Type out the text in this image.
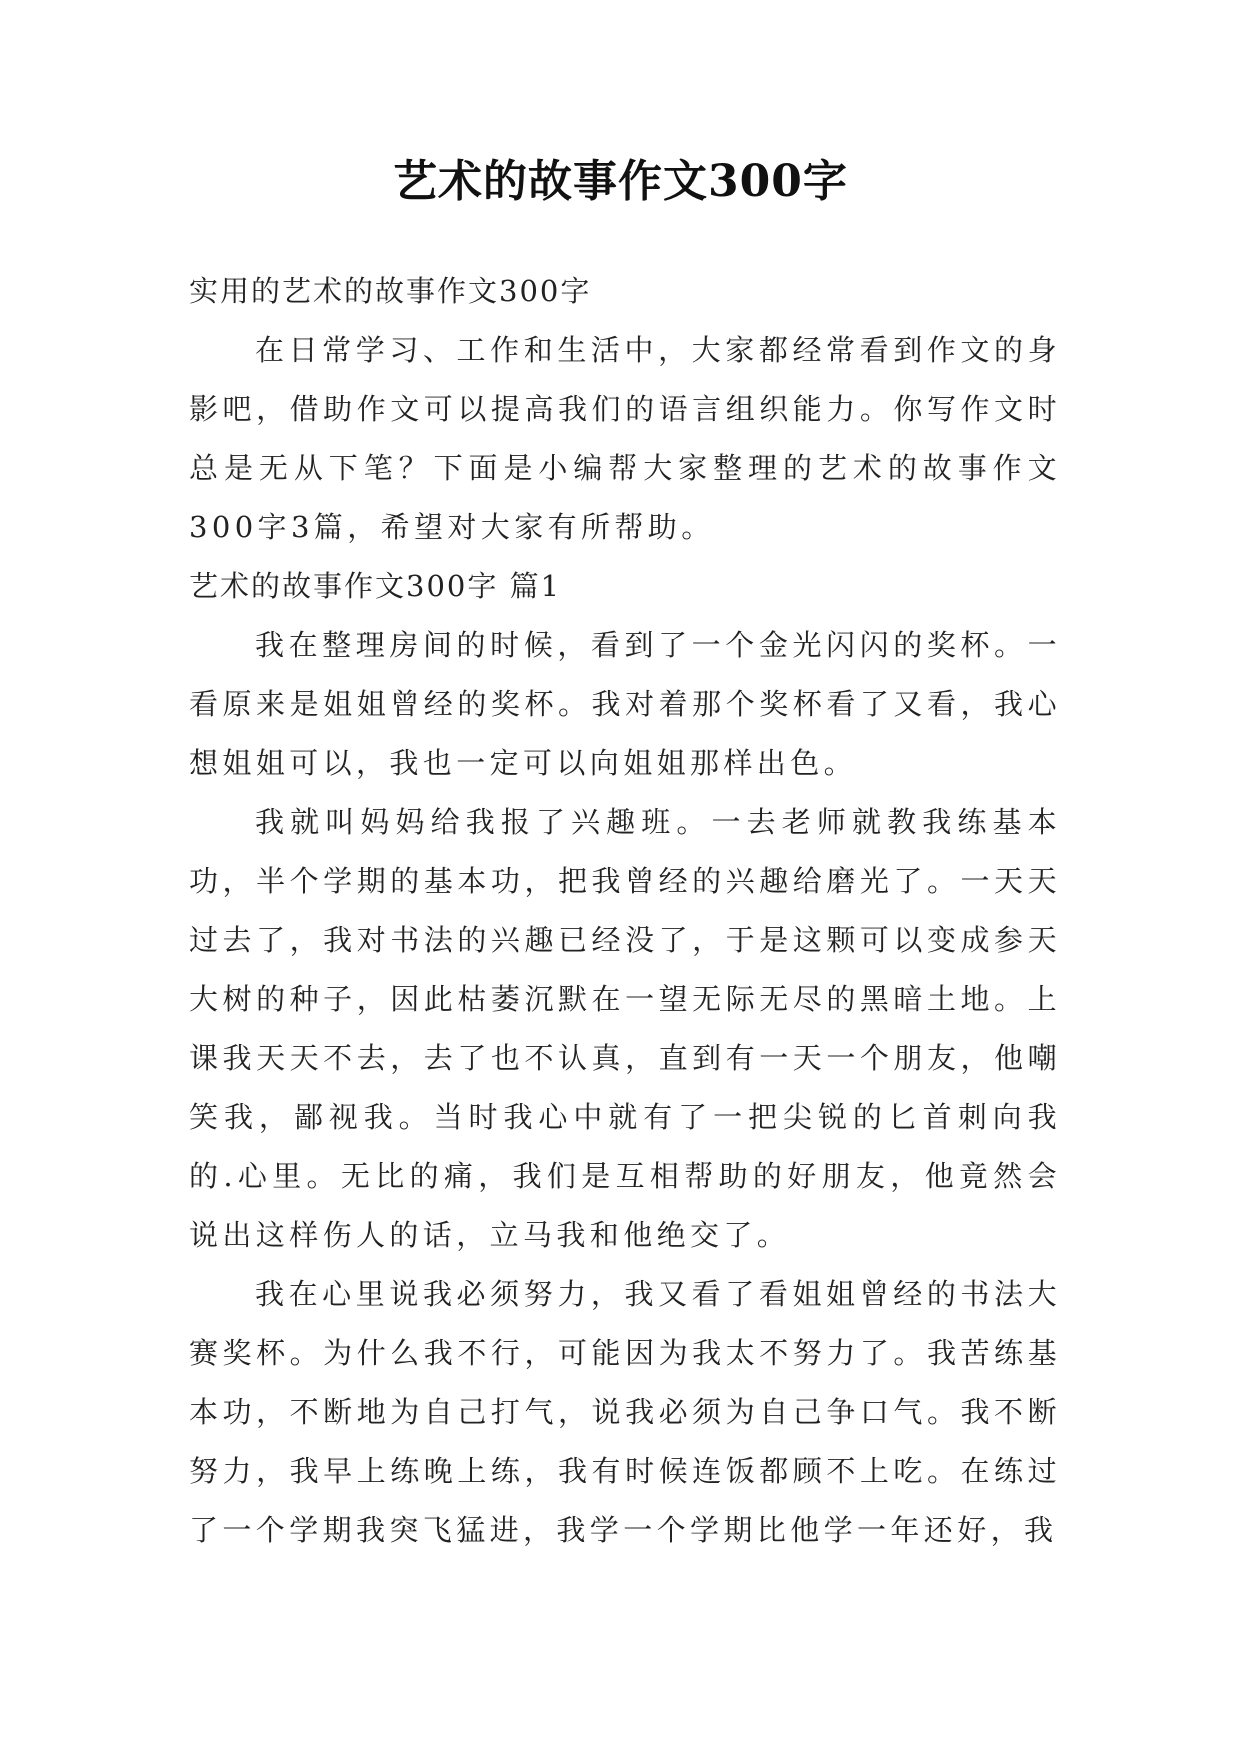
艺术的故事作文300字

实用的艺术的故事作文300字

在日常学习、工作和生活中，大家都经常看到作文的身影吧，借助作文可以提高我们的语言组织能力。你写作文时总是无从下笔？下面是小编帮大家整理的艺术的故事作文300字3篇，希望对大家有所帮助。

艺术的故事作文300字 篇1

我在整理房间的时候，看到了一个金光闪闪的奖杯。一看原来是姐姐曾经的奖杯。我对着那个奖杯看了又看，我心想姐姐可以，我也一定可以向姐姐那样出色。

我就叫妈妈给我报了兴趣班。一去老师就教我练基本功，半个学期的基本功，把我曾经的兴趣给磨光了。一天天过去了，我对书法的兴趣已经没了，于是这颗可以变成参天大树的种子，因此枯萎沉默在一望无际无尽的黑暗土地。上课我天天不去，去了也不认真，直到有一天一个朋友，他嘲笑我，鄙视我。当时我心中就有了一把尖锐的匕首刺向我的.心里。无比的痛，我们是互相帮助的好朋友，他竟然会说出这样伤人的话，立马我和他绝交了。

我在心里说我必须努力，我又看了看姐姐曾经的书法大赛奖杯。为什么我不行，可能因为我太不努力了。我苦练基本功，不断地为自己打气，说我必须为自己争口气。我不断努力，我早上练晚上练，我有时候连饭都顾不上吃。在练过了一个学期我突飞猛进，我学一个学期比他学一年还好，我
